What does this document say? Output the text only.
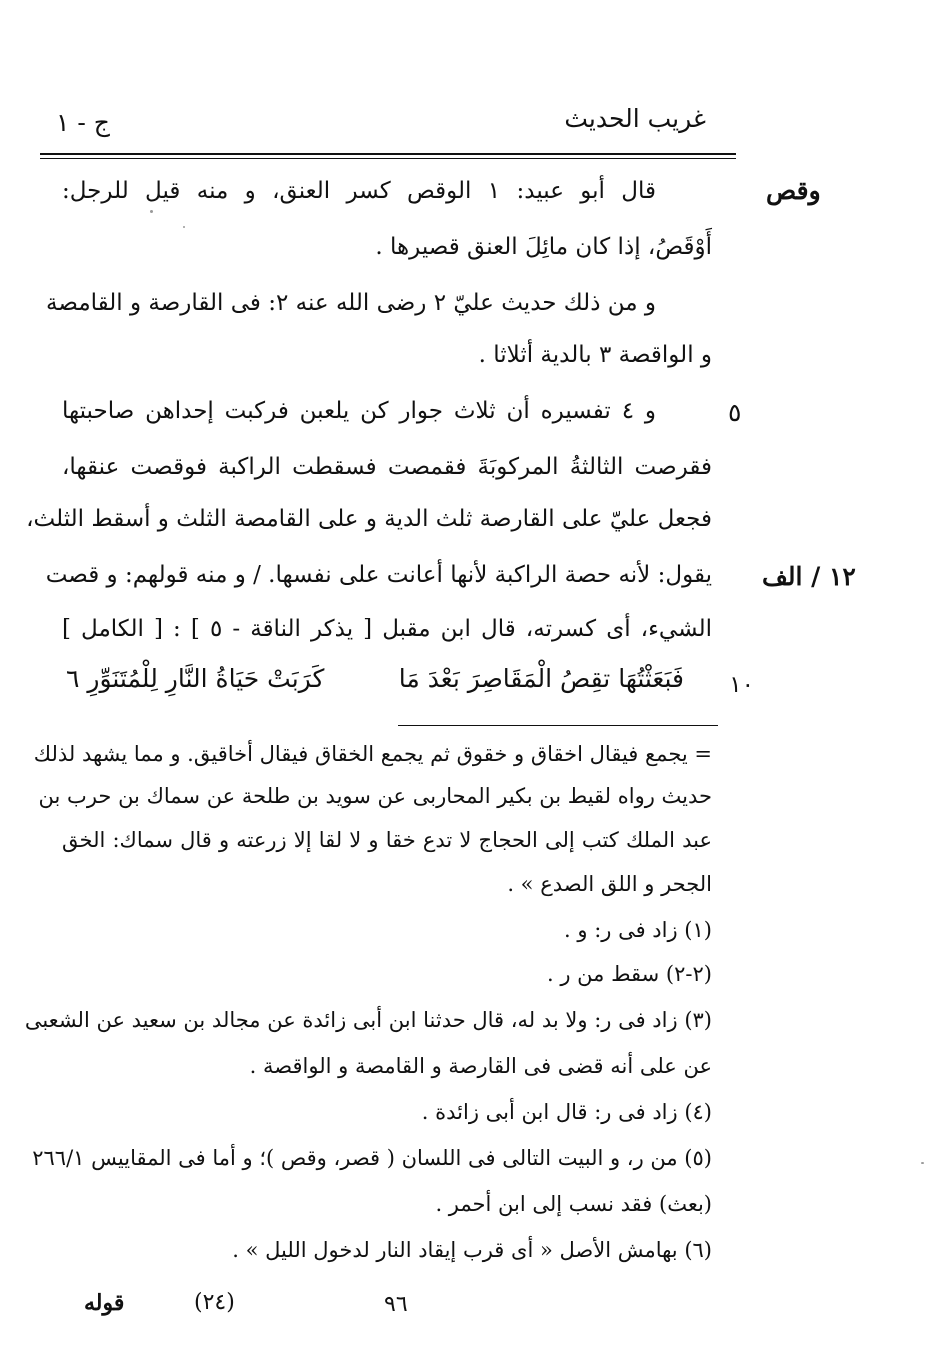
غريب الحديث
ج - ١
وقص
٥
١٢ / الف
قال أبو عبيد: ١ الوقص كسر العنق، و منه قيل للرجل:
أَوْقَصُ، إذا كان مائِلَ العنق قصيرها .
و من ذلك حديث عليّ ٢ رضى الله عنه ٢: فى القارصة و القامصة
و الواقصة ٣ بالدية أثلاثا .
و ٤ تفسيره أن ثلاث جوار كن يلعبن فركبت إحداهن صاحبتها
فقرصت الثالثةُ المركوبَةَ فقمصت فسقطت الراكبة فوقصت عنقها،
فجعل عليّ على القارصة ثلث الدية و على القامصة الثلث و أسقط الثلث،
يقول: لأنه حصة الراكبة لأنها أعانت على نفسها. / و منه قولهم: و قصت
الشيء، أى كسرته، قال ابن مقبل [ يذكر الناقة - ٥ ] : [ الكامل ]
١٠
فَبَعَثْتُهَا تقِصُ الْمَقَاصِرَ بَعْدَ مَا
كَرَبَتْ حَيَاةُ النَّارِ لِلْمُتَنَوِّرِ ٦
= يجمع فيقال اخقاق و خقوق ثم يجمع الخقاق فيقال أخاقيق. و مما يشهد لذلك
حديث رواه لقيط بن بكير المحاربى عن سويد بن طلحة عن سماك بن حرب بن
عبد الملك كتب إلى الحجاج لا تدع خقا و لا لقا إلا زرعته و قال سماك: الخق
الجحر و اللق الصدع » .
(١) زاد فى ر: و .
(٢-٢) سقط من ر .
(٣) زاد فى ر: ولا بد له، قال حدثنا ابن أبى زائدة عن مجالد بن سعيد عن الشعبى
عن على أنه قضى فى القارصة و القامصة و الواقصة .
(٤) زاد فى ر: قال ابن أبى زائدة .
(٥) من ر، و البيت التالى فى اللسان ( قصر، وقص )؛ و أما فى المقاييس ٢٦٦/١
(بعث) فقد نسب إلى ابن أحمر .
(٦) بهامش الأصل « أى قرب إيقاد النار لدخول الليل » .
قوله	(٢٤)	٩٦
